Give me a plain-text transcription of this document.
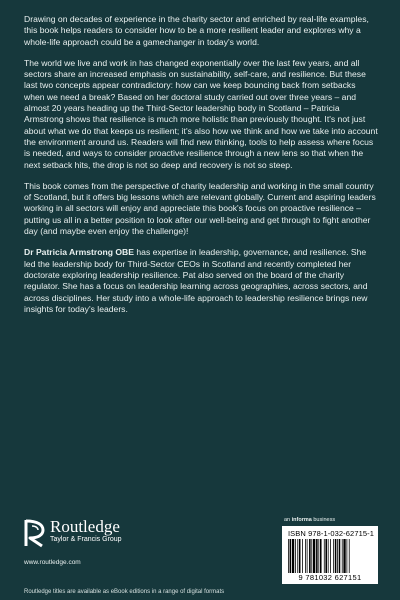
Drawing on decades of experience in the charity sector and enriched by real-life examples, this book helps readers to consider how to be a more resilient leader and explores why a whole-life approach could be a gamechanger in today's world.

The world we live and work in has changed exponentially over the last few years, and all sectors share an increased emphasis on sustainability, self-care, and resilience. But these last two concepts appear contradictory: how can we keep bouncing back from setbacks when we need a break? Based on her doctoral study carried out over three years – and almost 20 years heading up the Third-Sector leadership body in Scotland – Patricia Armstrong shows that resilience is much more holistic than previously thought. It's not just about what we do that keeps us resilient; it's also how we think and how we take into account the environment around us. Readers will find new thinking, tools to help assess where focus is needed, and ways to consider proactive resilience through a new lens so that when the next setback hits, the drop is not so deep and recovery is not so steep.

This book comes from the perspective of charity leadership and working in the small country of Scotland, but it offers big lessons which are relevant globally. Current and aspiring leaders working in all sectors will enjoy and appreciate this book's focus on proactive resilience – putting us all in a better position to look after our well-being and get through to fight another day (and maybe even enjoy the challenge)!

Dr Patricia Armstrong OBE has expertise in leadership, governance, and resilience. She led the leadership body for Third-Sector CEOs in Scotland and recently completed her doctorate exploring leadership resilience. Pat also served on the board of the charity regulator. She has a focus on leadership learning across geographies, across sectors, and across disciplines. Her study into a whole-life approach to leadership resilience brings new insights for today's leaders.

Routledge
Taylor & Francis Group
www.routledge.com
Routledge titles are available as eBook editions in a range of digital formats
an informa business
ISBN 978-1-032-62715-1
9 781032 627151
